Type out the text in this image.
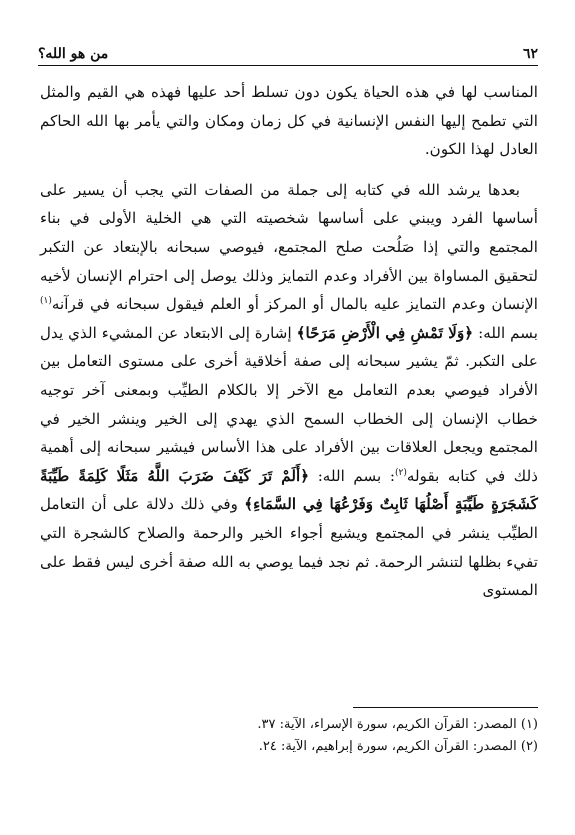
٦٢
من هو الله؟

المناسب لها في هذه الحياة يكون دون تسلط أحد عليها فهذه هي القيم والمثل التي تطمح إليها النفس الإنسانية في كل زمان ومكان والتي يأمر بها الله الحاكم العادل لهذا الكون.

بعدها يرشد الله في كتابه إلى جملة من الصفات التي يجب أن يسير على أساسها الفرد ويبني على أساسها شخصيته التي هي الخلية الأولى في بناء المجتمع والتي إذا صَلُحت صلح المجتمع، فيوصي سبحانه بالإبتعاد عن التكبر لتحقيق المساواة بين الأفراد وعدم التمايز وذلك يوصل إلى احترام الإنسان لأخيه الإنسان وعدم التمايز عليه بالمال أو المركز أو العلم فيقول سبحانه في قرآنه$^{(١)}$ بسم الله: ﴿وَلَا تَمْشِ فِي الْأَرْضِ مَرَحًا﴾ إشارة إلى الابتعاد عن المشيء الذي يدل على التكبر. ثمّ يشير سبحانه إلى صفة أخلاقية أخرى على مستوى التعامل بين الأفراد فيوصي بعدم التعامل مع الآخر إلا بالكلام الطيِّب وبمعنى آخر توجيه خطاب الإنسان إلى الخطاب السمح الذي يهدي إلى الخير وينشر الخير في المجتمع ويجعل العلاقات بين الأفراد على هذا الأساس فيشير سبحانه إلى أهمية ذلك في كتابه بقوله$^{(٢)}$: بسم الله: ﴿أَلَمْ تَرَ كَيْفَ ضَرَبَ اللَّهُ مَثَلًا كَلِمَةً طَيِّبَةً كَشَجَرَةٍ طَيِّبَةٍ أَصْلُهَا ثَابِتٌ وَفَرْعُهَا فِي السَّمَاءِ﴾ وفي ذلك دلالة على أن التعامل الطيِّب ينشر في المجتمع ويشيع أجواء الخير والرحمة والصلاح كالشجرة التي تفيء بظلها لتنشر الرحمة. ثم نجد فيما يوصي به الله صفة أخرى ليس فقط على المستوى

(١) المصدر: القرآن الكريم، سورة الإسراء، الآية: ٣٧.
(٢) المصدر: القرآن الكريم، سورة إبراهيم، الآية: ٢٤.
